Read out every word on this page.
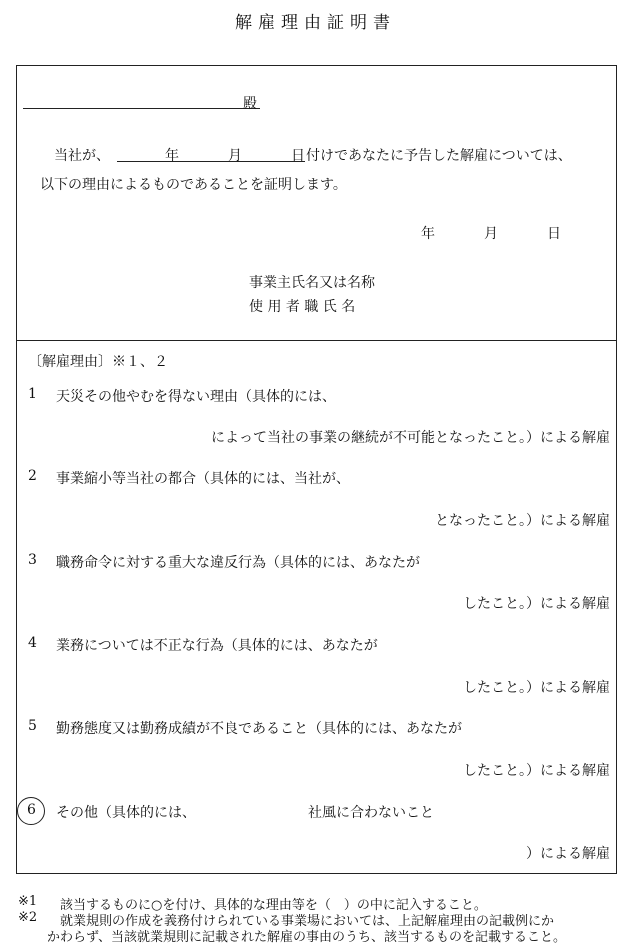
解雇理由証明書
殿
当社が、	年	月	日 付けであなたに予告した解雇については、
以下の理由によるものであることを証明します。
年	月	日
事業主氏名又は名称
使 用 者 職 氏 名
〔解雇理由〕※１、２
1 天災その他やむを得ない理由（具体的には、
によって当社の事業の継続が不可能となったこと。）による解雇
2 事業縮小等当社の都合（具体的には、当社が、
となったこと。）による解雇
3 職務命令に対する重大な違反行為（具体的には、あなたが
したこと。）による解雇
4 業務については不正な行為（具体的には、あなたが
したこと。）による解雇
5 勤務態度又は勤務成績が不良であること（具体的には、あなたが
したこと。）による解雇
6 その他（具体的には、	社風に合わないこと
）による解雇
※1 該当するものに○を付け、具体的な理由等を（　）の中に記入すること。
※2 就業規則の作成を義務付けられている事業場においては、上記解雇理由の記載例にか
かわらず、当該就業規則に記載された解雇の事由のうち、該当するものを記載すること。
